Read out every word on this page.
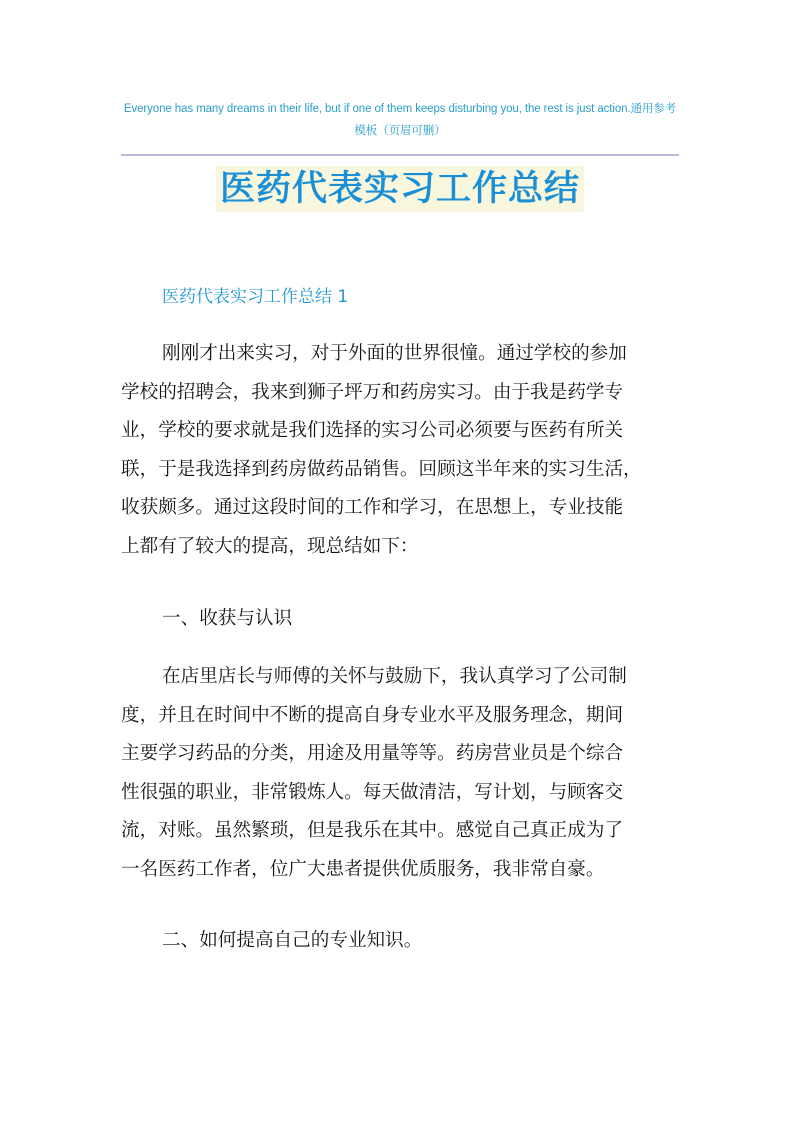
Everyone has many dreams in their life, but if one of them keeps disturbing you, the rest is just action.通用参考
模板（页眉可删）
医药代表实习工作总结
医药代表实习工作总结 1
刚刚才出来实习，对于外面的世界很憧。通过学校的参加
学校的招聘会，我来到狮子坪万和药房实习。由于我是药学专
业，学校的要求就是我们选择的实习公司必须要与医药有所关
联，于是我选择到药房做药品销售。回顾这半年来的实习生活，
收获颇多。通过这段时间的工作和学习，在思想上，专业技能
上都有了较大的提高，现总结如下：
一、收获与认识
在店里店长与师傅的关怀与鼓励下，我认真学习了公司制
度，并且在时间中不断的提高自身专业水平及服务理念，期间
主要学习药品的分类，用途及用量等等。药房营业员是个综合
性很强的职业，非常锻炼人。每天做清洁，写计划，与顾客交
流，对账。虽然繁琐，但是我乐在其中。感觉自己真正成为了
一名医药工作者，位广大患者提供优质服务，我非常自豪。
二、如何提高自己的专业知识。
